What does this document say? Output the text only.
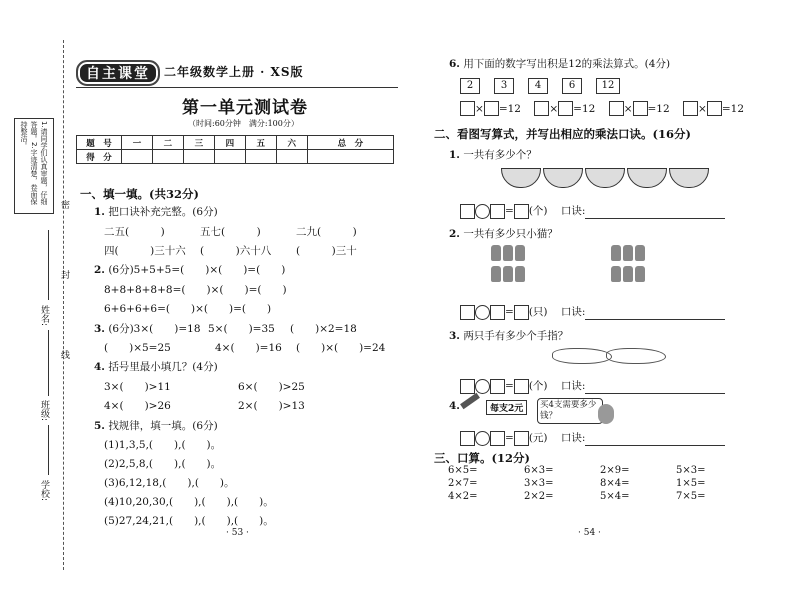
1.请同学们认真审题，仔细答题。2.字迹清楚，卷面保持整洁。
密
封
线
姓名:
班级:
学校:
自主课堂	二年级数学上册 · XS版
第一单元测试卷
（时间:60分钟　满分:100分）
题　号	一	二	三	四	五	六	总　分
得　分							
一、填一填。(共32分)
1. 把口诀补充完整。(6分)
二五(　　　)	五七(　　　)	二九(　　　)
四(　　　)三十六 (　　　)六十八 (　　　)三十
2. (6分)5+5+5=(　　)×(　　)=(　　)
8+8+8+8+8=(　　)×(　　)=(　　)
6+6+6+6=(　　)×(　　)=(　　)
3. (6分)3×(　　)=18 5×(　　)=35 (　　)×2=18
(　　)×5=25	4×(　　)=16 (　　)×(　　)=24
4. 括号里最小填几？(4分)
3×(　　)>11	6×(　　)>25
4×(　　)>26	2×(　　)>13
5. 找规律，填一填。(6分)
(1)1,3,5,(　　),(　　)。
(2)2,5,8,(　　),(　　)。
(3)6,12,18,(　　),(　　)。
(4)10,20,30,(　　),(　　),(　　)。
(5)27,24,21,(　　),(　　),(　　)。
· 53 ·
6. 用下面的数字写出积是12的乘法算式。(4分)
2	3	4	6	12
× =12	× =12	× =12	× =12
二、看图写算式，并写出相应的乘法口诀。(16分)
1. 一共有多少个？
= (个) 口诀:
2. 一共有多少只小猫？

= (只) 口诀:
3. 两只手有多少个手指？
= (个) 口诀:
4.	每支2元	买4支需要多少钱？
= (元) 口诀:
三、口算。(12分)
6×5=	6×3=	2×9=	5×3=
2×7=	3×3=	8×4=	1×5=
4×2=	2×2=	5×4=	7×5=
· 54 ·
